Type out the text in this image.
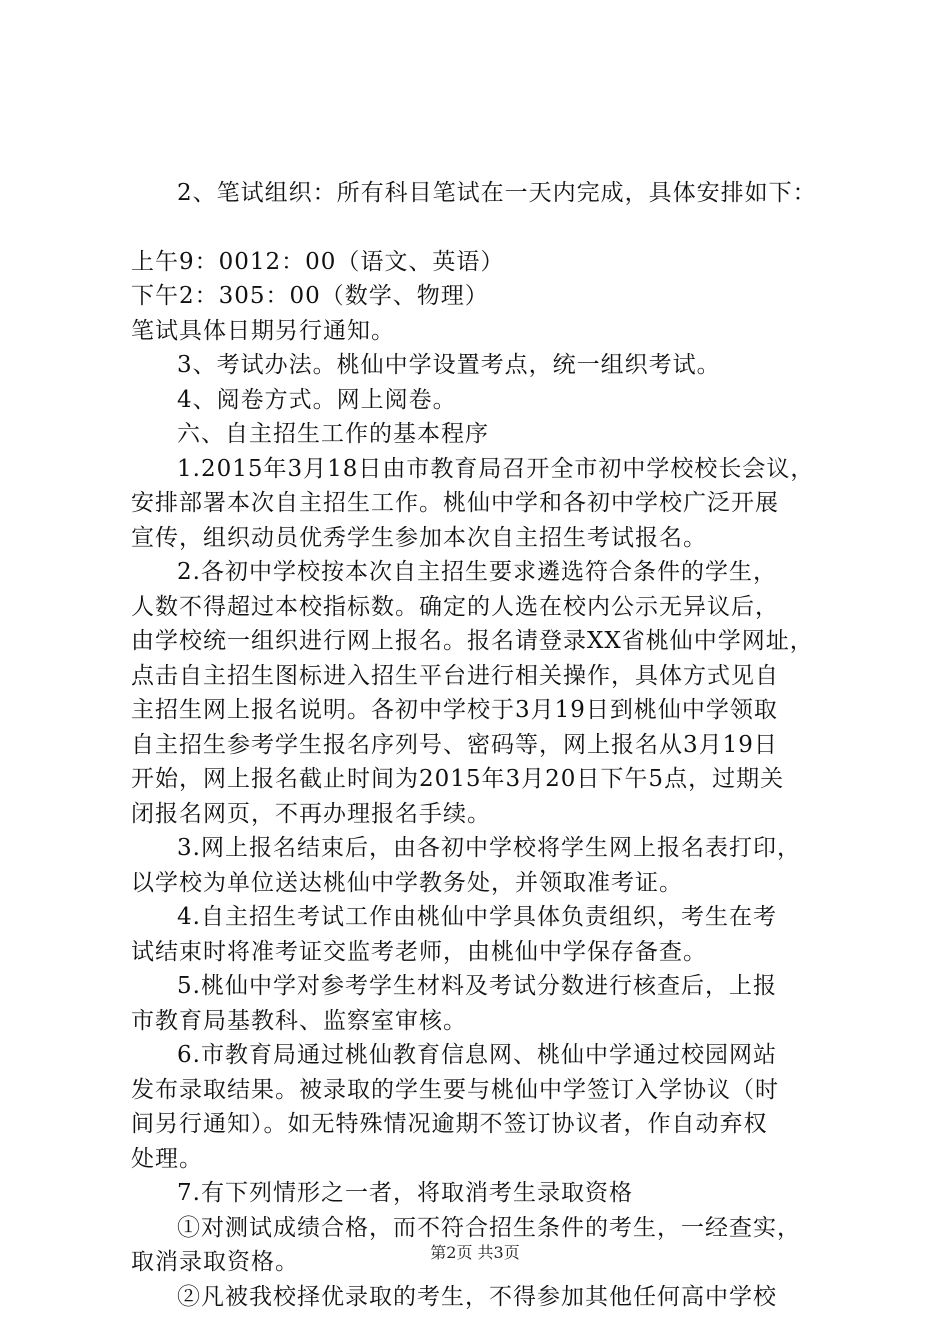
2、笔试组织：所有科目笔试在一天内完成，具体安排如下：
上午9：0012：00（语文、英语）
下午2：305：00（数学、物理）
笔试具体日期另行通知。
3、考试办法。桃仙中学设置考点，统一组织考试。
4、阅卷方式。网上阅卷。
六、自主招生工作的基本程序
1.2015年3月18日由市教育局召开全市初中学校校长会议，
安排部署本次自主招生工作。桃仙中学和各初中学校广泛开展
宣传，组织动员优秀学生参加本次自主招生考试报名。
2.各初中学校按本次自主招生要求遴选符合条件的学生，
人数不得超过本校指标数。确定的人选在校内公示无异议后，
由学校统一组织进行网上报名。报名请登录XX省桃仙中学网址，
点击自主招生图标进入招生平台进行相关操作，具体方式见自
主招生网上报名说明。各初中学校于3月19日到桃仙中学领取
自主招生参考学生报名序列号、密码等，网上报名从3月19日
开始，网上报名截止时间为2015年3月20日下午5点，过期关
闭报名网页，不再办理报名手续。
3.网上报名结束后，由各初中学校将学生网上报名表打印，
以学校为单位送达桃仙中学教务处，并领取准考证。
4.自主招生考试工作由桃仙中学具体负责组织，考生在考
试结束时将准考证交监考老师，由桃仙中学保存备查。
5.桃仙中学对参考学生材料及考试分数进行核查后，上报
市教育局基教科、监察室审核。
6.市教育局通过桃仙教育信息网、桃仙中学通过校园网站
发布录取结果。被录取的学生要与桃仙中学签订入学协议（时
间另行通知）。如无特殊情况逾期不签订协议者，作自动弃权
处理。
7.有下列情形之一者，将取消考生录取资格
①对测试成绩合格，而不符合招生条件的考生，一经查实，
取消录取资格。
②凡被我校择优录取的考生，不得参加其他任何高中学校
第2页 共3页
